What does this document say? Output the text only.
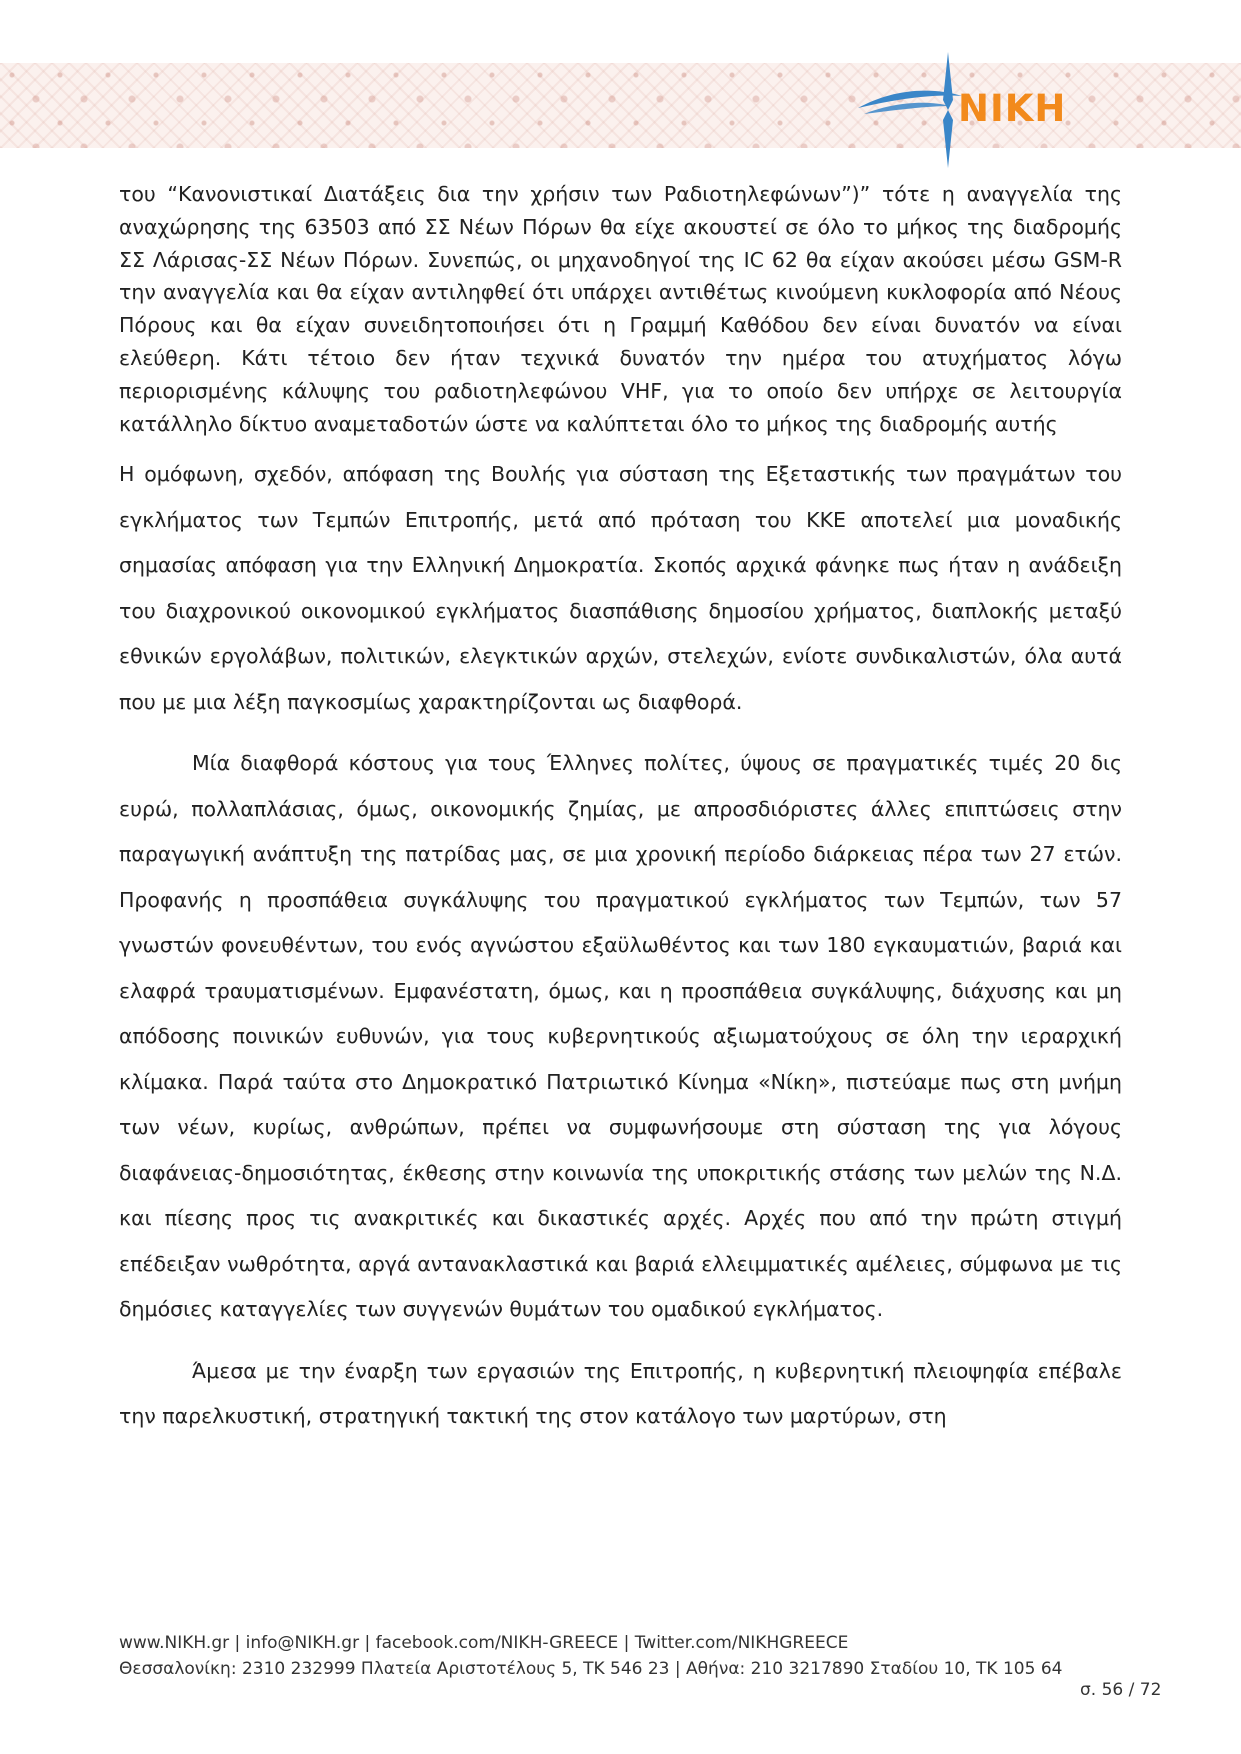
NIKH

του “Κανονιστικαί Διατάξεις δια την χρήσιν των Ραδιοτηλεφώνων”)” τότε η αναγγελία της αναχώρησης της 63503 από ΣΣ Νέων Πόρων θα είχε ακουστεί σε όλο το μήκος της διαδρομής ΣΣ Λάρισας-ΣΣ Νέων Πόρων. Συνεπώς, οι μηχανοδηγοί της IC 62 θα είχαν ακούσει μέσω GSM-R την αναγγελία και θα είχαν αντιληφθεί ότι υπάρχει αντιθέτως κινούμενη κυκλοφορία από Νέους Πόρους και θα είχαν συνειδητοποιήσει ότι η Γραμμή Καθόδου δεν είναι δυνατόν να είναι ελεύθερη. Κάτι τέτοιο δεν ήταν τεχνικά δυνατόν την ημέρα του ατυχήματος λόγω περιορισμένης κάλυψης του ραδιοτηλεφώνου VHF, για το οποίο δεν υπήρχε σε λειτουργία κατάλληλο δίκτυο αναμεταδοτών ώστε να καλύπτεται όλο το μήκος της διαδρομής αυτής

Η ομόφωνη, σχεδόν, απόφαση της Βουλής για σύσταση της Εξεταστικής των πραγμάτων του εγκλήματος των Τεμπών Επιτροπής, μετά από πρόταση του ΚΚΕ αποτελεί μια μοναδικής σημασίας απόφαση για την Ελληνική Δημοκρατία. Σκοπός αρχικά φάνηκε πως ήταν η ανάδειξη του διαχρονικού οικονομικού εγκλήματος διασπάθισης δημοσίου χρήματος, διαπλοκής μεταξύ εθνικών εργολάβων, πολιτικών, ελεγκτικών αρχών, στελεχών, ενίοτε συνδικαλιστών, όλα αυτά που με μια λέξη παγκοσμίως χαρακτηρίζονται ως διαφθορά.

Μία διαφθορά κόστους για τους Έλληνες πολίτες, ύψους σε πραγματικές τιμές 20 δις ευρώ, πολλαπλάσιας, όμως, οικονομικής ζημίας, με απροσδιόριστες άλλες επιπτώσεις στην παραγωγική ανάπτυξη της πατρίδας μας, σε μια χρονική περίοδο διάρκειας πέρα των 27 ετών. Προφανής η προσπάθεια συγκάλυψης του πραγματικού εγκλήματος των Τεμπών, των 57 γνωστών φονευθέντων, του ενός αγνώστου εξαϋλωθέντος και των 180 εγκαυματιών, βαριά και ελαφρά τραυματισμένων. Εμφανέστατη, όμως, και η προσπάθεια συγκάλυψης, διάχυσης και μη απόδοσης ποινικών ευθυνών, για τους κυβερνητικούς αξιωματούχους σε όλη την ιεραρχική κλίμακα. Παρά ταύτα στο Δημοκρατικό Πατριωτικό Κίνημα «Νίκη», πιστεύαμε πως στη μνήμη των νέων, κυρίως, ανθρώπων, πρέπει να συμφωνήσουμε στη σύσταση της για λόγους διαφάνειας-δημοσιότητας, έκθεσης στην κοινωνία της υποκριτικής στάσης των μελών της Ν.Δ. και πίεσης προς τις ανακριτικές και δικαστικές αρχές. Αρχές που από την πρώτη στιγμή επέδειξαν νωθρότητα, αργά αντανακλαστικά και βαριά ελλειμματικές αμέλειες, σύμφωνα με τις δημόσιες καταγγελίες των συγγενών θυμάτων του ομαδικού εγκλήματος.

Άμεσα με την έναρξη των εργασιών της Επιτροπής, η κυβερνητική πλειοψηφία επέβαλε την παρελκυστική, στρατηγική τακτική της στον κατάλογο των μαρτύρων, στη

www.NIKH.gr | info@NIKH.gr | facebook.com/NIKH-GREECE | Twitter.com/NIKHGREECE
Θεσσαλονίκη: 2310 232999 Πλατεία Αριστοτέλους 5, ΤΚ 546 23 | Αθήνα: 210 3217890 Σταδίου 10, ΤΚ 105 64
σ. 56 / 72
